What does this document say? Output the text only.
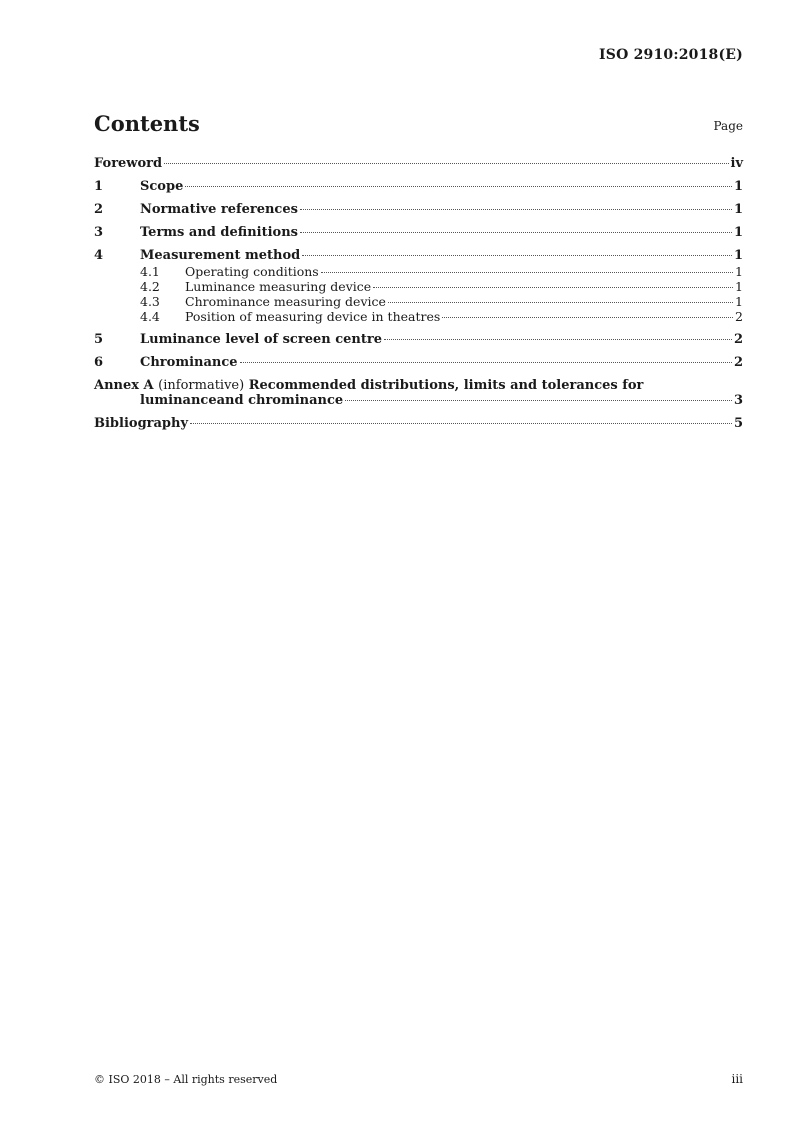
ISO 2910:2018(E)
Contents	Page
Foreword	iv
1	Scope	1
2	Normative references	1
3	Terms and definitions	1
4	Measurement method	1
4.1	Operating conditions	1
4.2	Luminance measuring device	1
4.3	Chrominance measuring device	1
4.4	Position of measuring device in theatres	2
5	Luminance level of screen centre	2
6	Chrominance	2
Annex A (informative) Recommended distributions, limits and tolerances for
luminanceand chrominance	3
Bibliography	5
© ISO 2018 – All rights reserved	iii
